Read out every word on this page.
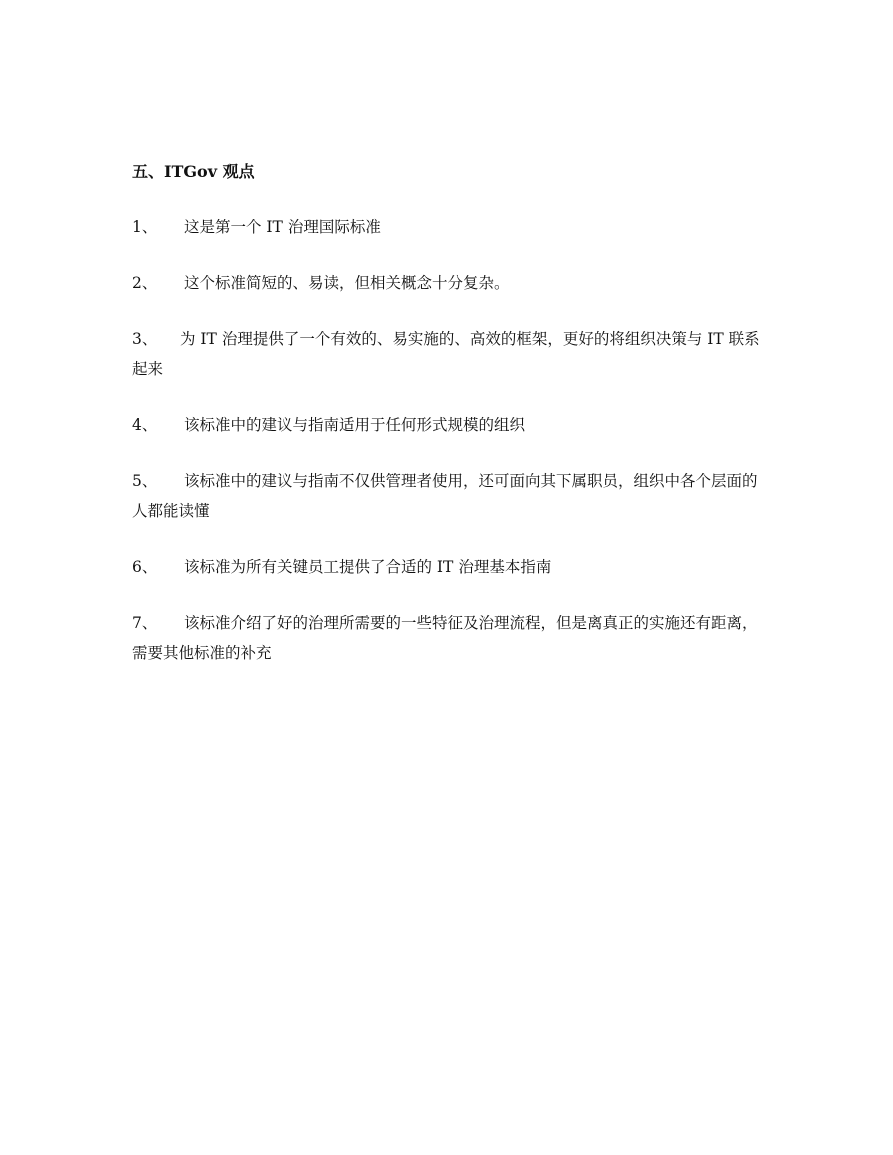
五、ITGov 观点
1、 这是第一个 IT 治理国际标准
2、 这个标准简短的、易读，但相关概念十分复杂。
3、 为 IT 治理提供了一个有效的、易实施的、高效的框架，更好的将组织决策与 IT 联系起来
4、 该标准中的建议与指南适用于任何形式规模的组织
5、 该标准中的建议与指南不仅供管理者使用，还可面向其下属职员，组织中各个层面的人都能读懂
6、 该标准为所有关键员工提供了合适的 IT 治理基本指南
7、 该标准介绍了好的治理所需要的一些特征及治理流程，但是离真正的实施还有距离，需要其他标准的补充
